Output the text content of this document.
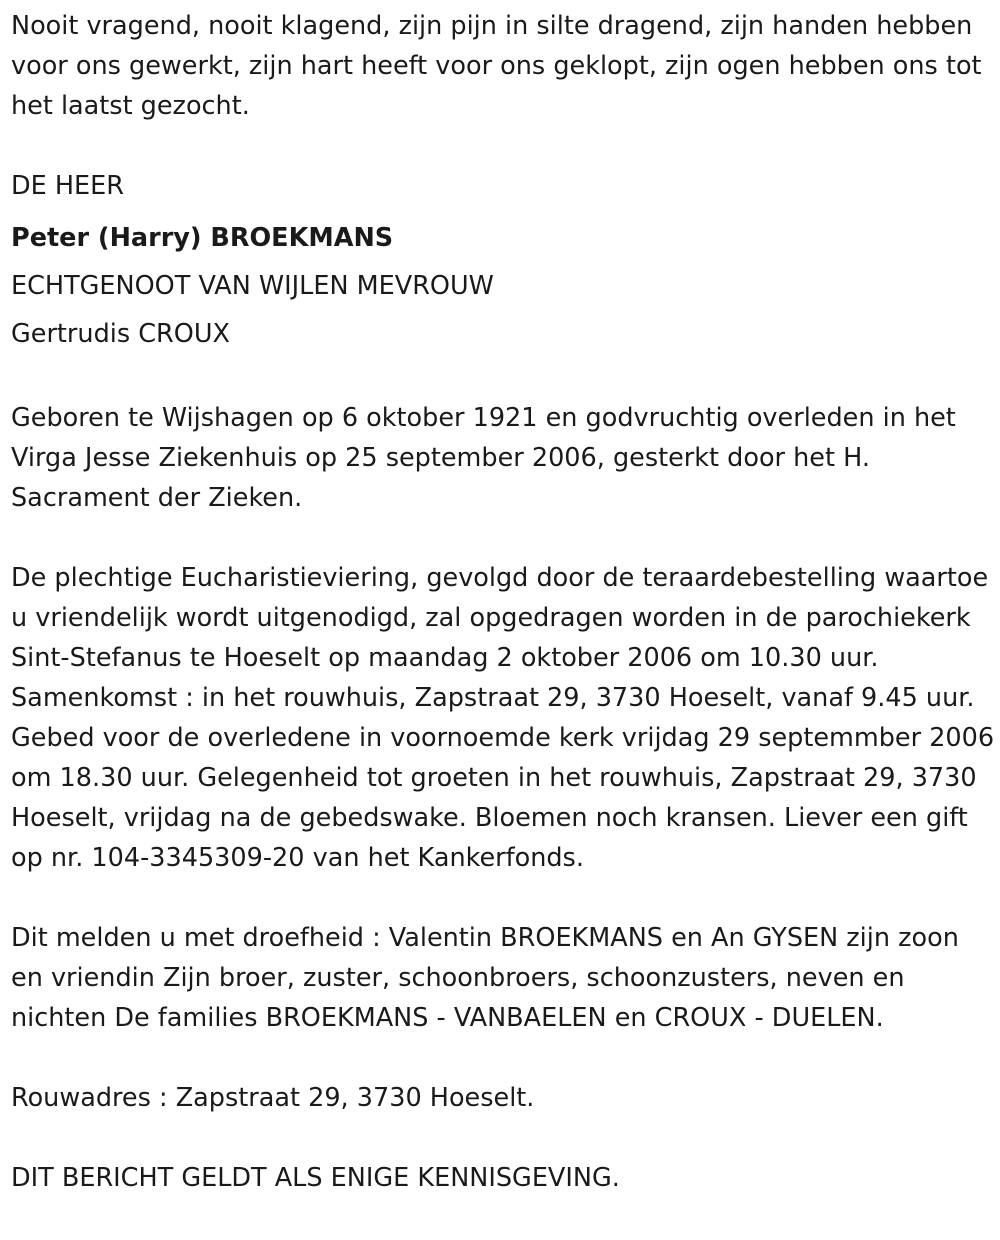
Nooit vragend, nooit klagend, zijn pijn in silte dragend, zijn handen hebben voor ons gewerkt, zijn hart heeft voor ons geklopt, zijn ogen hebben ons tot het laatst gezocht.

DE HEER

Peter (Harry) BROEKMANS

ECHTGENOOT VAN WIJLEN MEVROUW

Gertrudis CROUX

Geboren te Wijshagen op 6 oktober 1921 en godvruchtig overleden in het Virga Jesse Ziekenhuis op 25 september 2006, gesterkt door het H. Sacrament der Zieken.

De plechtige Eucharistieviering, gevolgd door de teraardebestelling waartoe u vriendelijk wordt uitgenodigd, zal opgedragen worden in de parochiekerk Sint-Stefanus te Hoeselt op maandag 2 oktober 2006 om 10.30 uur. Samenkomst : in het rouwhuis, Zapstraat 29, 3730 Hoeselt, vanaf 9.45 uur. Gebed voor de overledene in voornoemde kerk vrijdag 29 septemmber 2006 om 18.30 uur. Gelegenheid tot groeten in het rouwhuis, Zapstraat 29, 3730 Hoeselt, vrijdag na de gebedswake. Bloemen noch kransen. Liever een gift op nr. 104-3345309-20 van het Kankerfonds.

Dit melden u met droefheid : Valentin BROEKMANS en An GYSEN zijn zoon en vriendin Zijn broer, zuster, schoonbroers, schoonzusters, neven en nichten De families BROEKMANS - VANBAELEN en CROUX - DUELEN.

Rouwadres : Zapstraat 29, 3730 Hoeselt.

DIT BERICHT GELDT ALS ENIGE KENNISGEVING.
